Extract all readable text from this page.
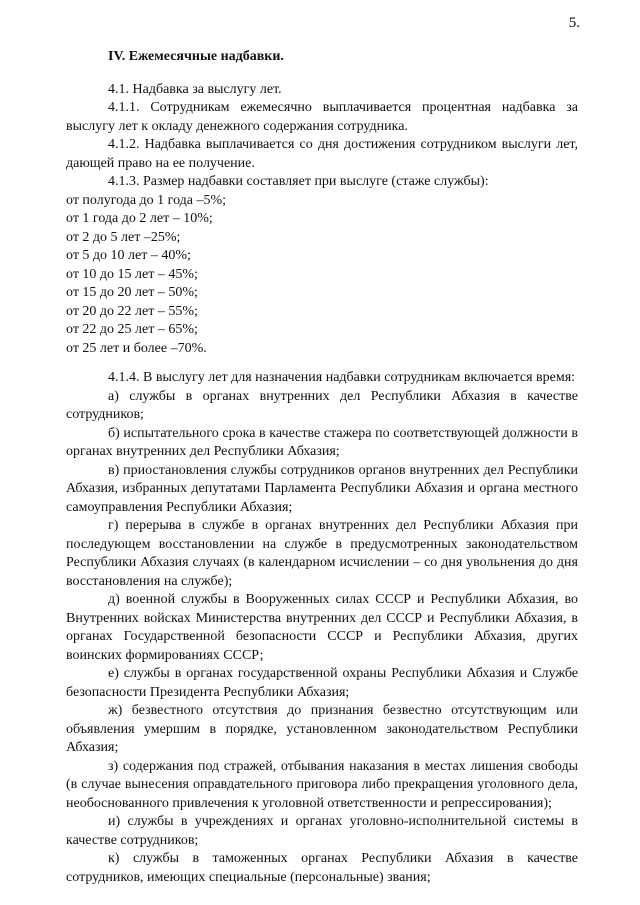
5.
IV. Ежемесячные надбавки.

4.1. Надбавка за выслугу лет.

4.1.1. Сотрудникам ежемесячно выплачивается процентная надбавка за выслугу лет к окладу денежного содержания сотрудника.

4.1.2. Надбавка выплачивается со дня достижения сотрудником выслуги лет, дающей право на ее получение.

4.1.3. Размер надбавки составляет при выслуге (стаже службы):

от полугода до 1 года –5%;

от 1 года до 2 лет – 10%;

от 2 до 5 лет –25%;

от 5 до 10 лет – 40%;

от 10 до 15 лет – 45%;

от 15 до 20 лет – 50%;

от 20 до 22 лет – 55%;

от 22 до 25 лет – 65%;

от 25 лет и более –70%.

4.1.4. В выслугу лет для назначения надбавки сотрудникам включается время:

а) службы в органах внутренних дел Республики Абхазия в качестве сотрудников;

б) испытательного срока в качестве стажера по соответствующей должности в органах внутренних дел Республики Абхазия;

в) приостановления службы сотрудников органов внутренних дел Республики Абхазия, избранных депутатами Парламента Республики Абхазия и органа местного самоуправления Республики Абхазия;

г) перерыва в службе в органах внутренних дел Республики Абхазия при последующем восстановлении на службе в предусмотренных законодательством Республики Абхазия случаях (в календарном исчислении – со дня увольнения до дня восстановления на службе);

д) военной службы в Вооруженных силах СССР и Республики Абхазия, во Внутренних войсках Министерства внутренних дел СССР и Республики Абхазия, в органах Государственной безопасности СССР и Республики Абхазия, других воинских формированиях СССР;

е) службы в органах государственной охраны Республики Абхазия и Службе безопасности Президента Республики Абхазия;

ж) безвестного отсутствия до признания безвестно отсутствующим или объявления умершим в порядке, установленном законодательством Республики Абхазия;

з) содержания под стражей, отбывания наказания в местах лишения свободы (в случае вынесения оправдательного приговора либо прекращения уголовного дела, необоснованного привлечения к уголовной ответственности и репрессирования);

и) службы в учреждениях и органах уголовно-исполнительной системы в качестве сотрудников;

к) службы в таможенных органах Республики Абхазия в качестве сотрудников, имеющих специальные (персональные) звания;
